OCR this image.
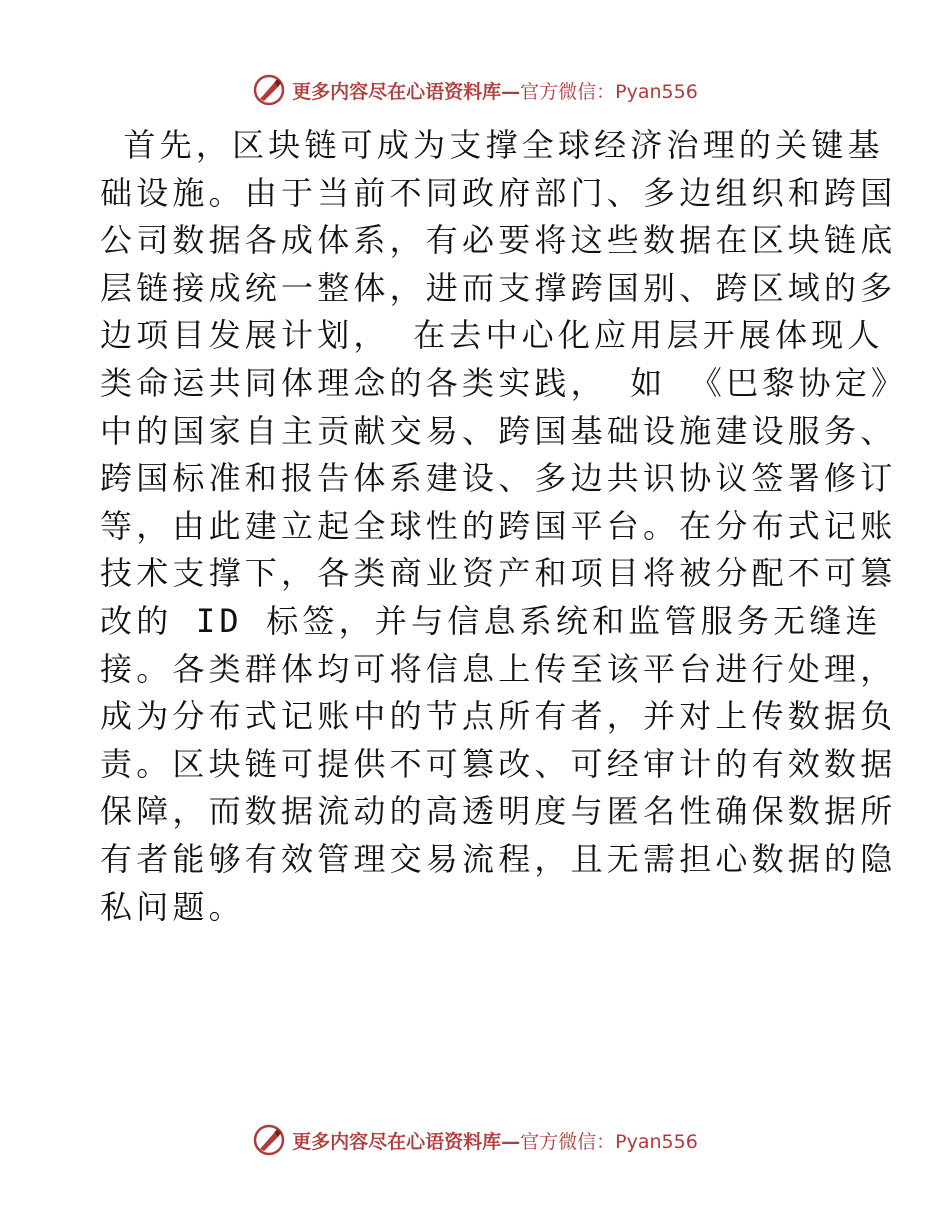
更多内容尽在心语资料库—官方微信：Pyan556
首先，区块链可成为支撑全球经济治理的关键基
础设施。由于当前不同政府部门、多边组织和跨国
公司数据各成体系，有必要将这些数据在区块链底
层链接成统一整体，进而支撑跨国别、跨区域的多
边项目发展计划， 在去中心化应用层开展体现人
类命运共同体理念的各类实践， 如 《巴黎协定》
中的国家自主贡献交易、跨国基础设施建设服务、
跨国标准和报告体系建设、多边共识协议签署修订
等，由此建立起全球性的跨国平台。在分布式记账
技术支撑下，各类商业资产和项目将被分配不可篡
改的 ID 标签，并与信息系统和监管服务无缝连
接。各类群体均可将信息上传至该平台进行处理，
成为分布式记账中的节点所有者，并对上传数据负
责。区块链可提供不可篡改、可经审计的有效数据
保障，而数据流动的高透明度与匿名性确保数据所
有者能够有效管理交易流程，且无需担心数据的隐
私问题。
更多内容尽在心语资料库—官方微信：Pyan556
